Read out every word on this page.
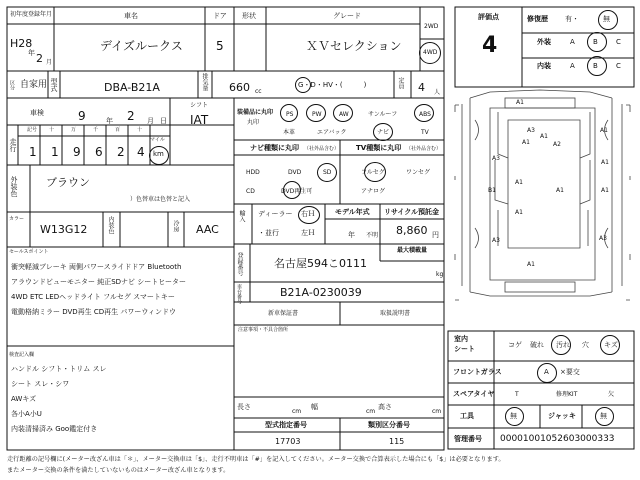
初年度登録年月
H28
年 2 月
車名
デイズルークス
ドア
5
形状	グレード
ＸＶセレクション
2WD
4WD
区分 自家用 型式	DBA-B21A	排気量 660 cc
G・D・HV・(　　　)	定員 4 人
車検	9	年 2 月 日
シフト
IAT
走行
記号 十	万	千	百	十
1 1 9 6 2 4
マイル
km
外装色	ブラウン
）色替車は色替と記入
カラー
W13G12	内装色	冷房 AAC
セールスポイント
衝突軽減ブレーキ 両側パワースライドドア Bluetooth
アラウンドビューモニター 純正SDナビ シートヒーター
4WD ETC LEDヘッドライト フルセグ スマートキー
電動格納ミラー DVD再生 CD再生 パワーウィンドウ
検査記入欄
ハンドル シフト・トリム スレ
シート スレ・シワ
AWキズ
各小A小U
内装清掃済み Goo鑑定付き
装備品に丸印
丸印
PS	PW	AW	サンルーフ	ABS
本革	エアバック	ナビ	TV
ナビ種類に丸印 （社外品含む） TV種類に丸印 （社外品含む）
HDD	DVD	SD
CD	DVD再生可
フルセグ	ワンセグ
アナログ
輸入 ディーラー
・並行
右Ｈ
左Ｈ
モデル年式
年 不明
リサイクル預託金
8,860 円
最大積載量
登録番号	名古屋594こ0111
kg
車台番号	B21A-0230039
新車保証書	取扱説明書
注意事項・不具合箇所
長さ
cm
幅
cm
高さ
cm
型式指定番号
17703
類別区分番号
115
評価点
4
修復歴 有・	無
外装	A	B	C
内装	A	B	C
A1
A3
A1	A2
A1
A1
A3
A1
A1
A3
B1
A1
A1
A1
A3
A1
室内
シート	コゲ 破れ 汚れ 穴 キズ
フロントガラス	A ×要交
スペアタイヤ	T	修理KIT	欠
工具	無	ジャッキ	無
管理番号 00001001052603000333
走行距離の記号欄に(メーター改ざん車は「＊」、メーター交換車は「$」、走行不明車は「#」を記入してください。メーター交換で合算表示した場合にも「$」は必要となります。
またメーター交換の条件を満たしていないものはメーター改ざん車となります。
